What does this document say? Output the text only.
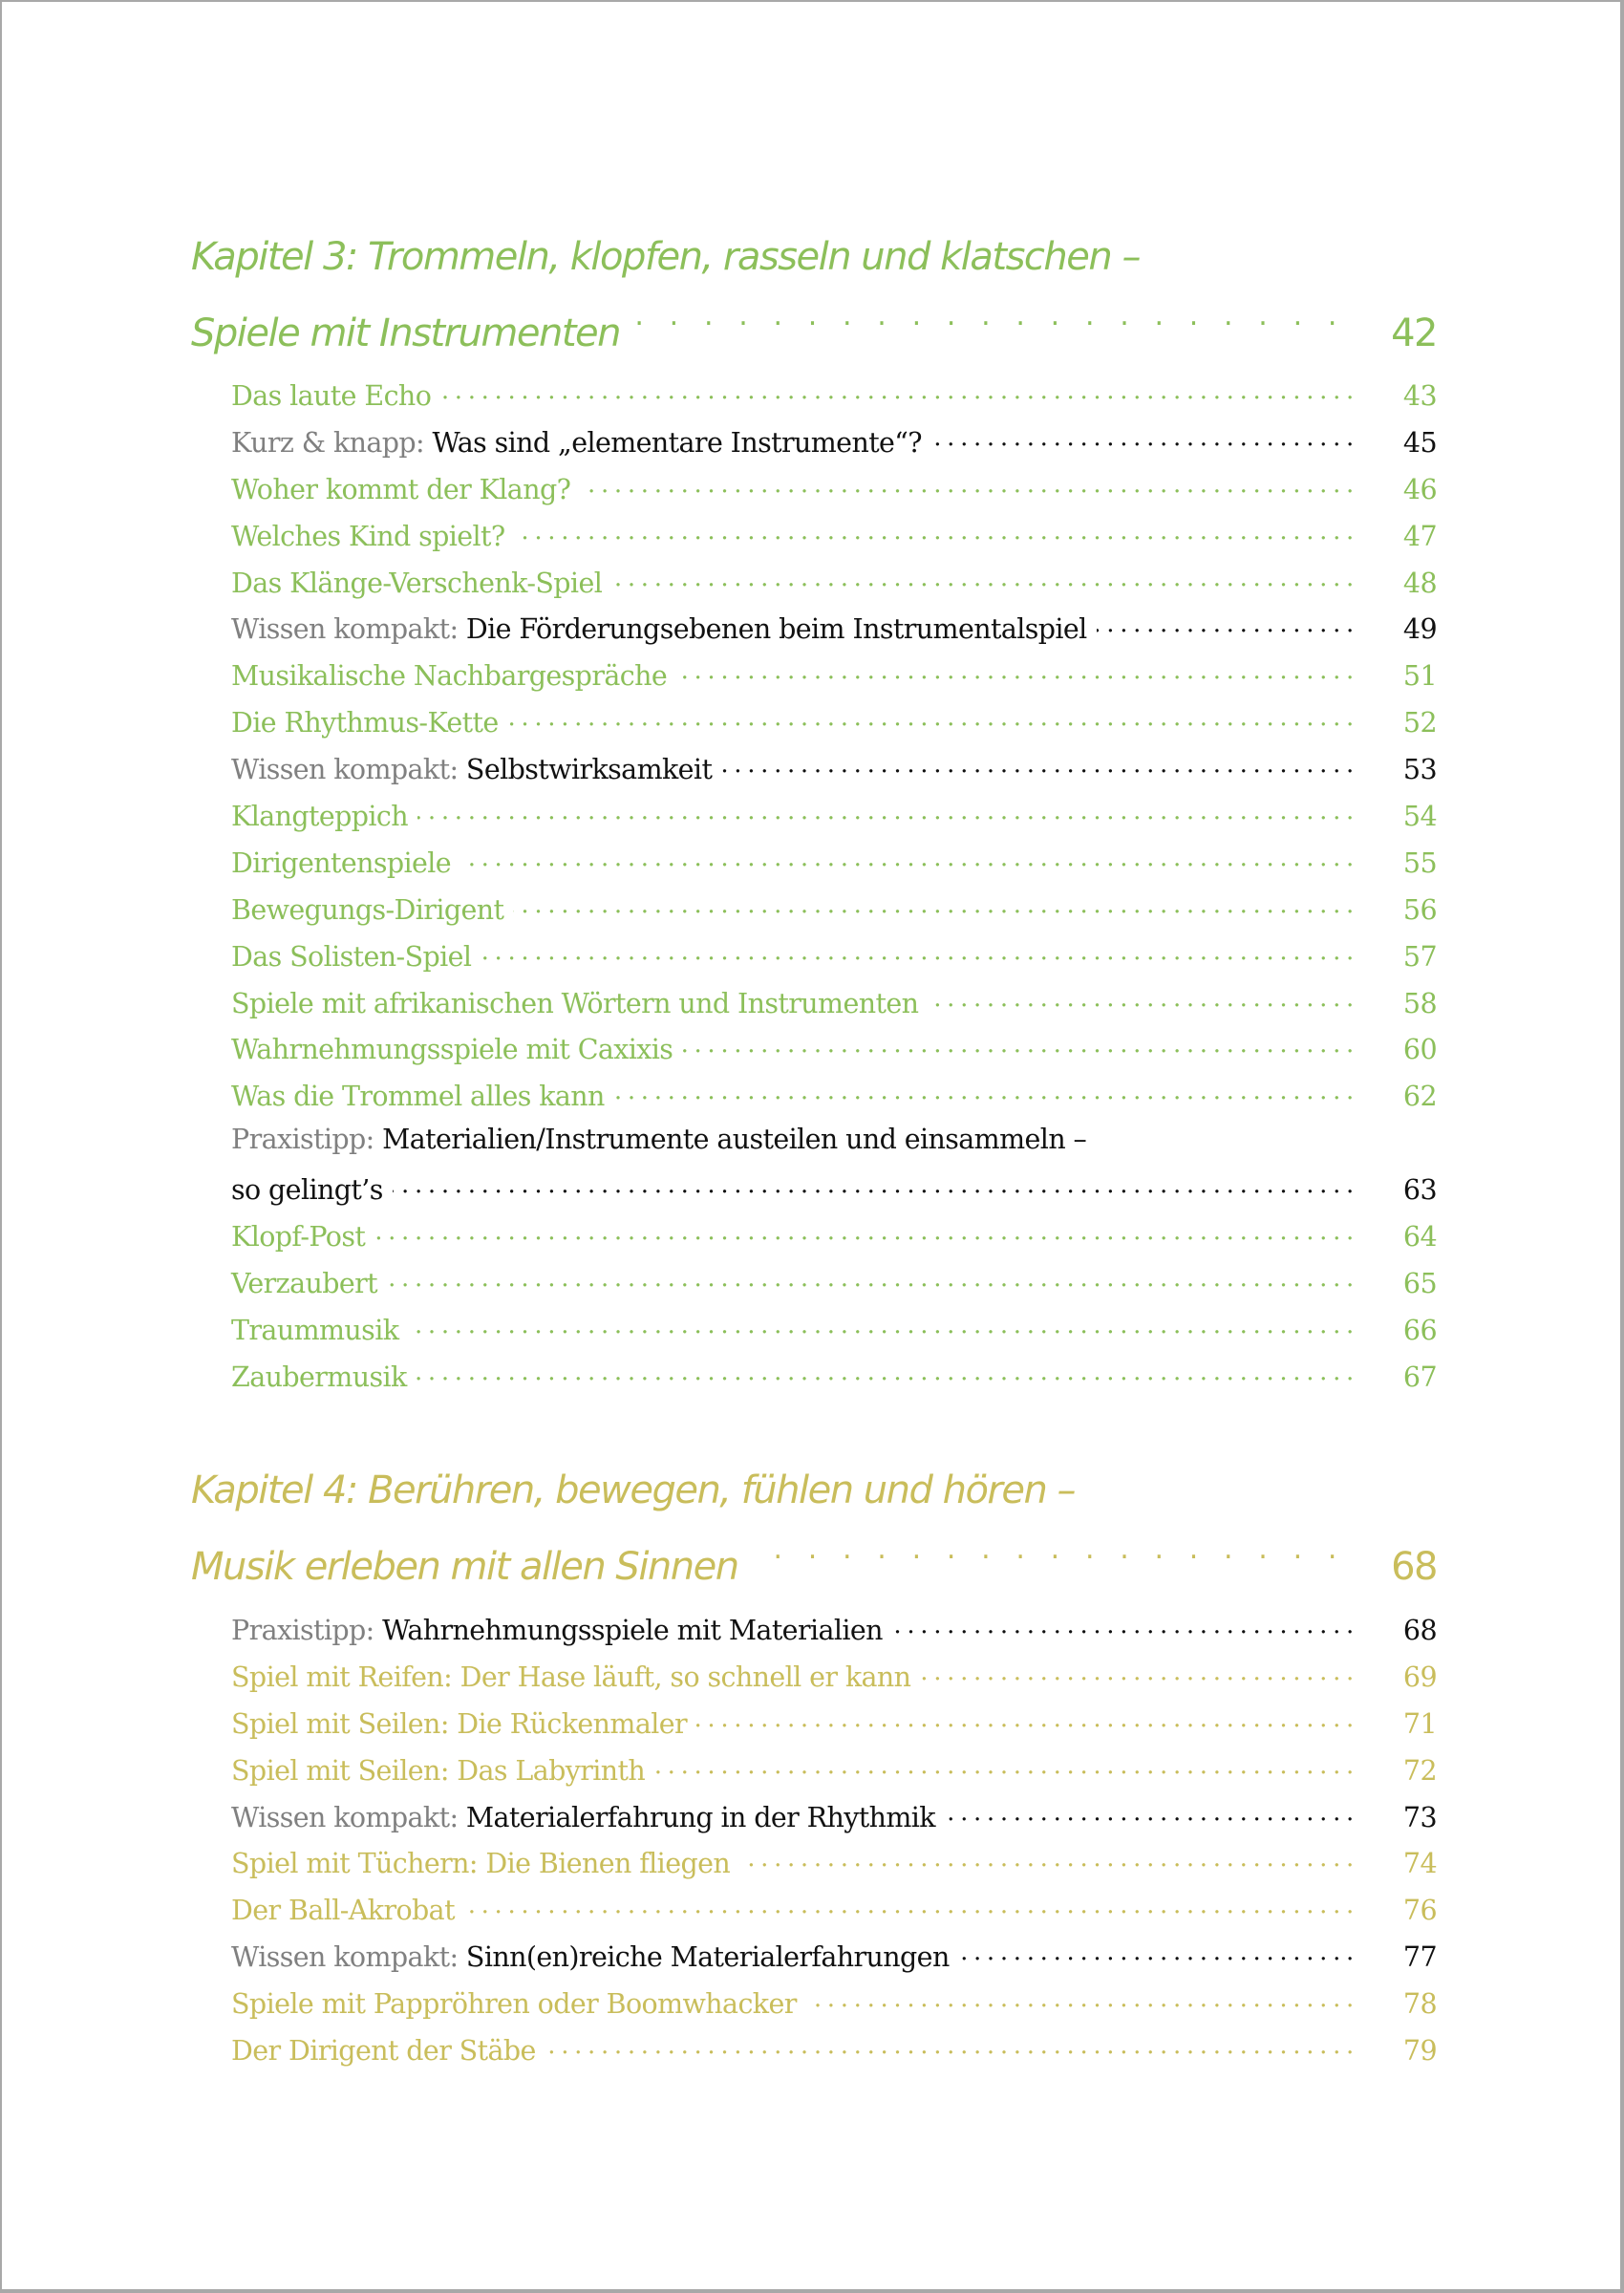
Kapitel 3: Trommeln, klopfen, rasseln und klatschen –
Spiele mit Instrumenten . . .	42
Das laute Echo . . .	43
Kurz & knapp: Was sind „elementare Instrumente“? . . .	45
Woher kommt der Klang? . . .	46
Welches Kind spielt? . . .	47
Das Klänge-Verschenk-Spiel . . .	48
Wissen kompakt: Die Förderungsebenen beim Instrumentalspiel . . .	49
Musikalische Nachbargespräche . . .	51
Die Rhythmus-Kette . . .	52
Wissen kompakt: Selbstwirksamkeit . . .	53
Klangteppich . . .	54
Dirigentenspiele . . .	55
Bewegungs-Dirigent . . .	56
Das Solisten-Spiel . . .	57
Spiele mit afrikanischen Wörtern und Instrumenten . . .	58
Wahrnehmungsspiele mit Caxixis . . .	60
Was die Trommel alles kann . . .	62
Praxistipp: Materialien/Instrumente austeilen und einsammeln –
so gelingt’s . . .	63
Klopf-Post . . .	64
Verzaubert . . .	65
Traummusik . . .	66
Zaubermusik . . .	67
Kapitel 4: Berühren, bewegen, fühlen und hören –
Musik erleben mit allen Sinnen . . .	68
Praxistipp: Wahrnehmungsspiele mit Materialien . . .	68
Spiel mit Reifen: Der Hase läuft, so schnell er kann . . .	69
Spiel mit Seilen: Die Rückenmaler . . .	71
Spiel mit Seilen: Das Labyrinth . . .	72
Wissen kompakt: Materialerfahrung in der Rhythmik . . .	73
Spiel mit Tüchern: Die Bienen fliegen . . .	74
Der Ball-Akrobat . . .	76
Wissen kompakt: Sinn(en)reiche Materialerfahrungen . . .	77
Spiele mit Pappröhren oder Boomwhacker . . .	78
Der Dirigent der Stäbe . . .	79
